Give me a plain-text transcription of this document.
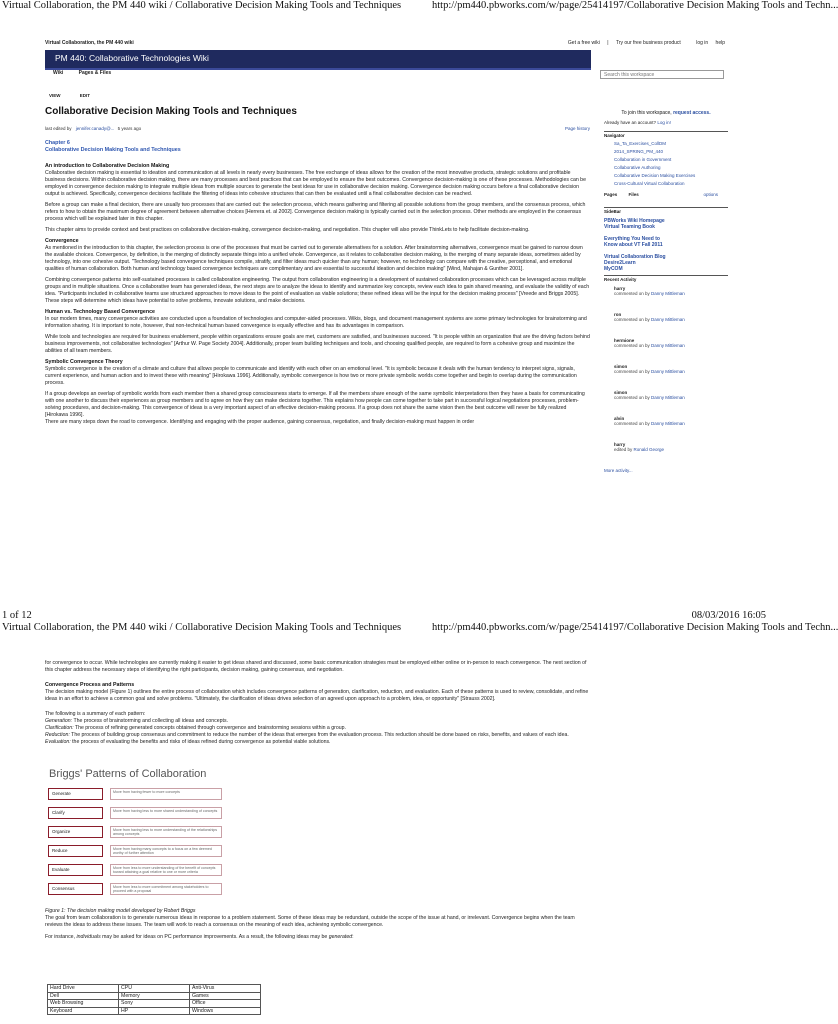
Virtual Collaboration, the PM 440 wiki / Collaborative Decision Making Tools and Techniques	http://pm440.pbworks.com/w/page/25414197/Collaborative Decision Making Tools and Techn...
Virtual Collaboration, the PM 440 wiki	Get a free wiki | Try our free business product	log in help
PM 440: Collaborative Technologies Wiki
Wiki	Pages & Files	Search this workspace
VIEW	EDIT
Collaborative Decision Making Tools and Techniques
last edited by jennifer.canady@... 5 years ago	Page history
Chapter 6
Collaborative Decision Making Tools and Techniques
An introduction to Collaborative Decision Making

Collaborative decision making is essential to ideation and communication at all levels in nearly every businesses. The free exchange of ideas allows for the creation of the most innovative products, strategic solutions and profitable business decisions. Within collaborative decision making, there are many processes and best practices that can be employed to ensure the best outcomes. Convergence decision-making is one of these processes. Methodologies can be employed in convergence decision making to integrate multiple ideas from multiple sources to generate the best ideas for use in collaborative decision making. Convergence decision making occurs before a final collaborative decision output is achieved. Specifically, convergence decisions facilitate the filtering of ideas into cohesive structures that can then be evaluated until a final collaborative decision can be reached.

Before a group can make a final decision, there are usually two processes that are carried out: the selection process, which means gathering and filtering all possible solutions from the group members, and the consensus process, which refers to how to obtain the maximum degree of agreement between alternative choices [Herrera et. al 2002]. Convergence decision making is typically carried out in the selection process. Other methods are employed in the consensus process which will be explained later in this chapter.

This chapter aims to provide context and best practices on collaborative decision-making, convergence decision-making, and negotiation. This chapter will also provide ThinkLets to help facilitate decision-making.

Convergence

As mentioned in the introduction to this chapter, the selection process is one of the processes that must be carried out to generate alternatives for a solution. After brainstorming alternatives, convergence must be gained to narrow down the available choices. Convergence, by definition, is the merging of distinctly separate things into a unified whole. Convergence, as it relates to collaborative decision making, is the merging of many separate ideas, sometimes aided by technology, into one cohesive output. "Technology based convergence techniques compile, stratify, and filter ideas much quicker than any human; however, no technology can compare with the creative, perceptional, and emotional qualities of human collaboration. Both human and technology based convergence techniques are complimentary and are essential to successful ideation and decision making" [Wind, Mahajan & Gunther 2001].

Combining convergence patterns into self-sustained processes is called collaboration engineering. The output from collaboration engineering is a development of sustained collaboration processes which can be leveraged across multiple groups and in multiple situations. Once a collaborative team has generated ideas, the next steps are to analyze the ideas to identify and summarize key concepts, review each idea to gain shared meaning, and evaluate the validity of each idea. "Participants included in collaborative teams use structured approaches to move ideas to the point of evaluation as viable solutions; these refined ideas will be the input for the decision making process" [Vreede and Briggs 2005]. These steps will determine which ideas have potential to solve problems, innovate solutions, and make decisions.

Human vs. Technology Based Convergence

In our modern times, many convergence activities are conducted upon a foundation of technologies and computer-aided processes. Wikis, blogs, and document management systems are some primary technologies for brainstorming and information sharing. It is important to note, however, that non-technical human based convergence is equally effective and has its advantages in comparison.

While tools and technologies are required for business enablement, people within organizations ensure goals are met, customers are satisfied, and businesses succeed. "It is people within an organization that are the driving factors behind business improvements, not collaborative technologies" [Arthur W. Page Society 2004]. Additionally, proper team building techniques and tools, and choosing qualified people, are required to form a cohesive group and maximize the abilities of all team members.

Symbolic Convergence Theory

Symbolic convergence is the creation of a climate and culture that allows people to communicate and identify with each other on an emotional level. "It is symbolic because it deals with the human tendency to interpret signs, signals, current experience, and human action and to invest these with meaning" [Hirokawa 1996]. Additionally, symbolic convergence is how two or more private symbolic worlds come together and begin to overlap during the communication process.

If a group develops an overlap of symbolic worlds from each member then a shared group consciousness starts to emerge. If all the members share enough of the same symbolic interpretations then they have a basis for communicating with one another to discuss their experiences as group members and to agree on how they can make decisions together. This explains how people can come together to take part in successful logical negotiations processes, problem-solving procedures, and decision-making. This convergence of ideas is a very important aspect of an effective decision-making process. If a group does not share the same vision then the best outcome will never be fully realized [Hirokawa 1996].

There are many steps down the road to convergence. Identifying and engaging with the proper audience, gaining consensus, negotiation, and finally decision-making must happen in order

To join this workspace, request access.
Already have an account? Log in!
Navigator
Sa_Ta_Exercises_CollDM
2014_SPRING_PM_440
Collaboration in Government
Collaborative Authoring
Collaborative Decision Making Exercises
Cross-Cultural Virtual Collaboration
Pages	Files	options
SideBar
PBWorks Wiki Homepage
Virtual Teaming Book
Everything You Need to Know about VT Fall 2011
Virtual Collaboration Blog
Desire2Learn
MyCOM
Recent Activity
harry
commented on by Danny Mittleman
ron
commented on by Danny Mittleman
hermione
commented on by Danny Mittleman
simon
commented on by Danny Mittleman
simon
commented on by Danny Mittleman
alvin
commented on by Danny Mittleman
harry
edited by Ronald George
More activity...
1 of 12	08/03/2016 16:05
Virtual Collaboration, the PM 440 wiki / Collaborative Decision Making Tools and Techniques	http://pm440.pbworks.com/w/page/25414197/Collaborative Decision Making Tools and Techn...

for convergence to occur. While technologies are currently making it easier to get ideas shared and discussed, some basic communication strategies must be employed either online or in-person to reach convergence. The next section of this chapter address the necessary steps of identifying the right participants, decision making, gaining consensus, and negotiation.

Convergence Process and Patterns

The decision making model (Figure 1) outlines the entire process of collaboration which includes convergence patterns of generation, clarification, reduction, and evaluation. Each of these patterns is used to review, consolidate, and refine ideas in an effort to achieve a common goal and solve problems. "Ultimately, the clarification of ideas drives selection of an agreed upon approach to a problem, idea, or opportunity" [Strauss 2002].

The following is a summary of each pattern:
Generation: The process of brainstorming and collecting all ideas and concepts.
Clarification: The process of refining generated concepts obtained through convergence and brainstorming sessions within a group.
Reduction: The process of building group consensus and commitment to reduce the number of the ideas that emerges from the evaluation process. This reduction should be done based on risks, benefits, and values of each idea.
Evaluation: the process of evaluating the benefits and risks of ideas refined during convergence as potential viable solutions.
Briggs' Patterns of Collaboration
Generate	Move from having fewer to more concepts
Clarify	Move from having less to more shared understanding of concepts
Organize	Move from having less to more understanding of the relationships among concepts
Reduce	Move from having many concepts to a focus on a few deemed worthy of further attention
Evaluate	Move from less to more understanding of the benefit of concepts toward attaining a goal relative to one or more criteria
Consensus	Move from less to more commitment among stakeholders to proceed with a proposal
Figure 1: The decision making model developed by Robert Briggs

The goal from team collaboration is to generate numerous ideas in response to a problem statement. Some of these ideas may be redundant, outside the scope of the issue at hand, or irrelevant. Convergence begins when the team reviews the ideas to address these issues. The team will work to reach a consensus on the meaning of each idea, achieving symbolic convergence.

For instance, individuals may be asked for ideas on PC performance improvements. As a result, the following ideas may be generated:
Hard Drive	CPU	Anti-Virus
Dell	Memory	Games
Web Browsing	Sony	Office
Keyboard	HP	Windows
